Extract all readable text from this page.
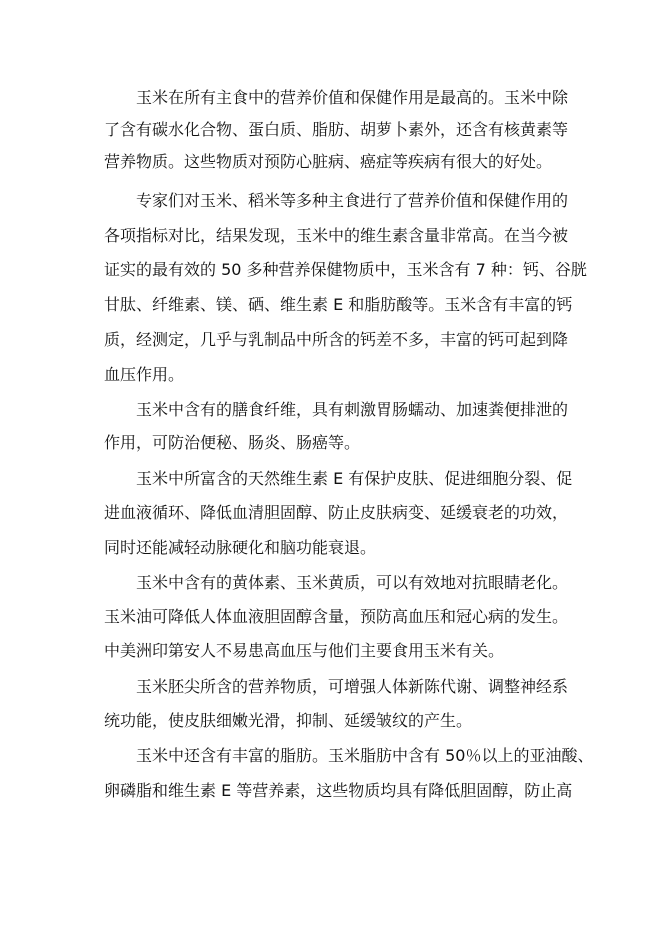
玉米在所有主食中的营养价值和保健作用是最高的。玉米中除
了含有碳水化合物、蛋白质、脂肪、胡萝卜素外，还含有核黄素等
营养物质。这些物质对预防心脏病、癌症等疾病有很大的好处。
专家们对玉米、稻米等多种主食进行了营养价值和保健作用的
各项指标对比，结果发现，玉米中的维生素含量非常高。在当今被
证实的最有效的 50 多种营养保健物质中，玉米含有 7 种：钙、谷胱
甘肽、纤维素、镁、硒、维生素 E 和脂肪酸等。玉米含有丰富的钙
质，经测定，几乎与乳制品中所含的钙差不多，丰富的钙可起到降
血压作用。
玉米中含有的膳食纤维，具有刺激胃肠蠕动、加速粪便排泄的
作用，可防治便秘、肠炎、肠癌等。
玉米中所富含的天然维生素 E 有保护皮肤、促进细胞分裂、促
进血液循环、降低血清胆固醇、防止皮肤病变、延缓衰老的功效，
同时还能减轻动脉硬化和脑功能衰退。
玉米中含有的黄体素、玉米黄质，可以有效地对抗眼睛老化。
玉米油可降低人体血液胆固醇含量，预防高血压和冠心病的发生。
中美洲印第安人不易患高血压与他们主要食用玉米有关。
玉米胚尖所含的营养物质，可增强人体新陈代谢、调整神经系
统功能，使皮肤细嫩光滑，抑制、延缓皱纹的产生。
玉米中还含有丰富的脂肪。玉米脂肪中含有 50％以上的亚油酸、
卵磷脂和维生素 E 等营养素，这些物质均具有降低胆固醇，防止高
